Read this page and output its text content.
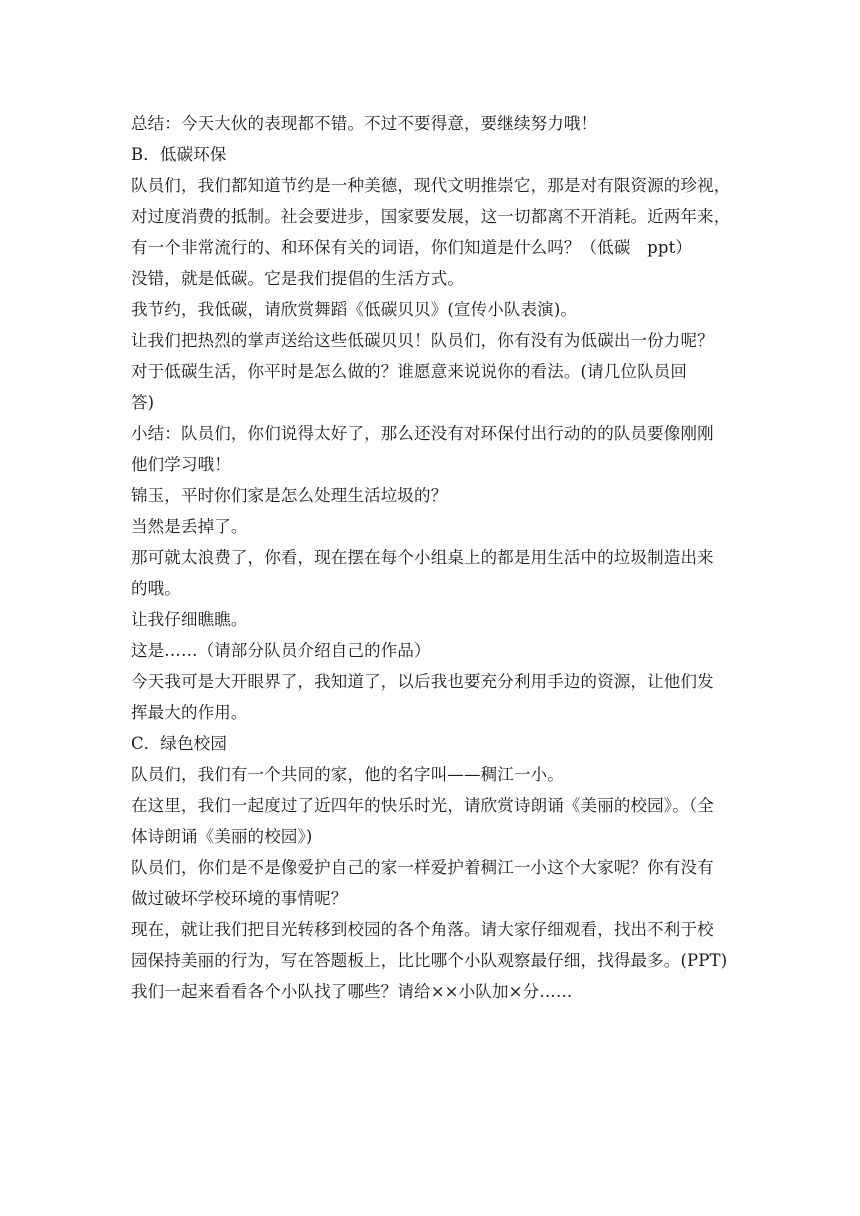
总结：今天大伙的表现都不错。不过不要得意，要继续努力哦！
B．低碳环保
队员们，我们都知道节约是一种美德，现代文明推崇它，那是对有限资源的珍视，
对过度消费的抵制。社会要进步，国家要发展，这一切都离不开消耗。近两年来，
有一个非常流行的、和环保有关的词语，你们知道是什么吗？（低碳　ppt）
没错，就是低碳。它是我们提倡的生活方式。
我节约，我低碳，请欣赏舞蹈《低碳贝贝》(宣传小队表演)。
让我们把热烈的掌声送给这些低碳贝贝！队员们，你有没有为低碳出一份力呢？
对于低碳生活，你平时是怎么做的？谁愿意来说说你的看法。(请几位队员回
答)
小结：队员们，你们说得太好了，那么还没有对环保付出行动的的队员要像刚刚
他们学习哦！
锦玉，平时你们家是怎么处理生活垃圾的？
当然是丢掉了。
那可就太浪费了，你看，现在摆在每个小组桌上的都是用生活中的垃圾制造出来
的哦。
让我仔细瞧瞧。
这是……（请部分队员介绍自己的作品）
今天我可是大开眼界了，我知道了，以后我也要充分利用手边的资源，让他们发
挥最大的作用。
C．绿色校园
队员们，我们有一个共同的家，他的名字叫——稠江一小。
在这里，我们一起度过了近四年的快乐时光，请欣赏诗朗诵《美丽的校园》。（全
体诗朗诵《美丽的校园》)
队员们，你们是不是像爱护自己的家一样爱护着稠江一小这个大家呢？你有没有
做过破坏学校环境的事情呢？
现在，就让我们把目光转移到校园的各个角落。请大家仔细观看，找出不利于校
园保持美丽的行为，写在答题板上，比比哪个小队观察最仔细，找得最多。(PPT)
我们一起来看看各个小队找了哪些？请给××小队加×分……
